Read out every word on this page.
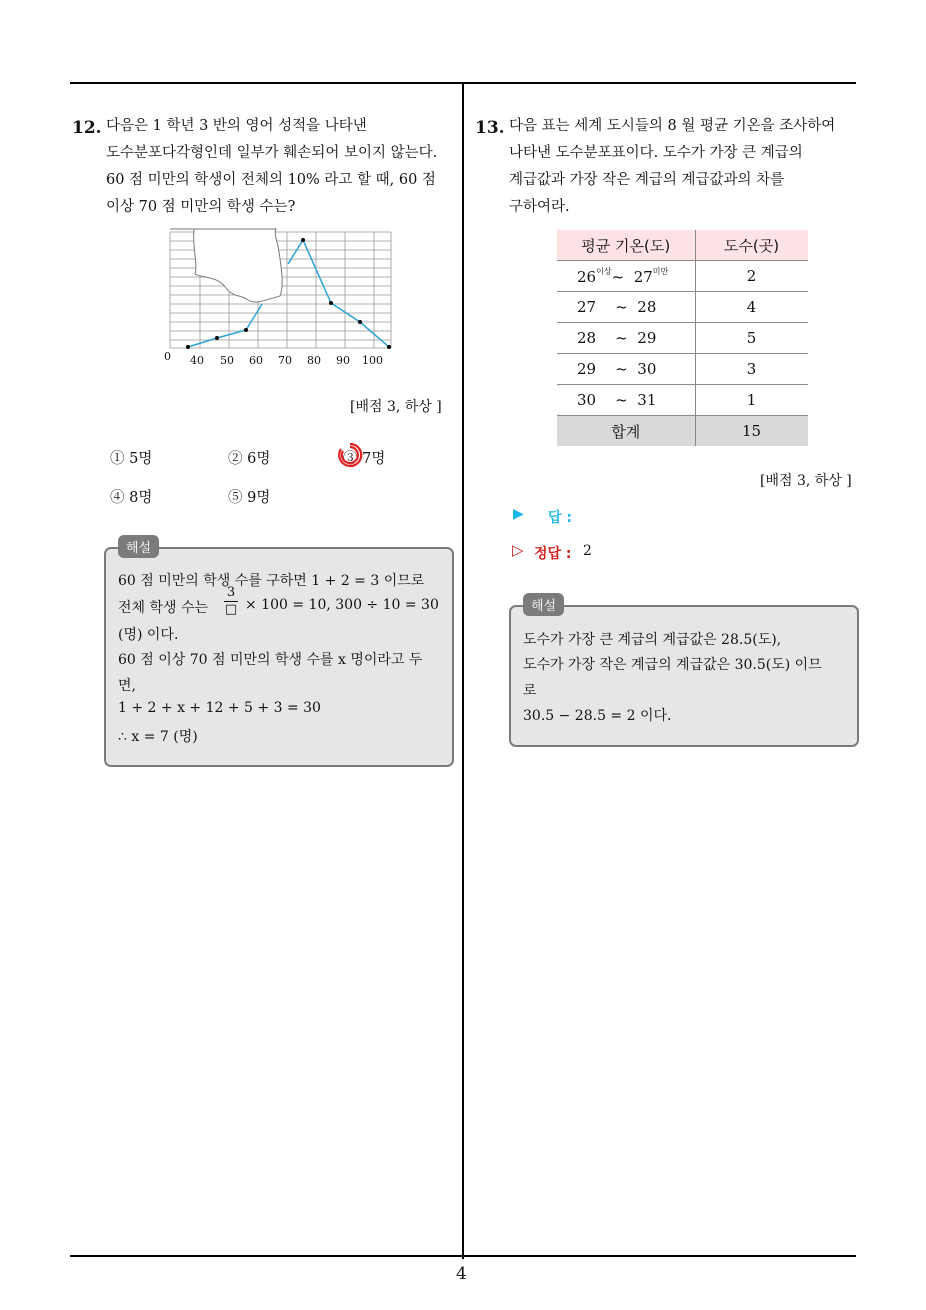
12. 다음은 1 학년 3 반의 영어 성적을 나타낸
도수분포다각형인데 일부가 훼손되어 보이지 않는다.
60 점 미만의 학생이 전체의 10% 라고 할 때, 60 점
이상 70 점 미만의 학생 수는?
0 40 50 60 70 80 90 100
[배점 3, 하상 ]
① 5명	② 6명	③ 7명
④ 8명	⑤ 9명
해설
60 점 미만의 학생 수를 구하면 1 + 2 = 3 이므로
전체 학생 수는
3
□ × 100 = 10, 300 ÷ 10 = 30
(명) 이다.
60 점 이상 70 점 미만의 학생 수를 x 명이라고 두
면,
1 + 2 + x + 12 + 5 + 3 = 30
∴ x = 7 (명)
13. 다음 표는 세계 도시들의 8 월 평균 기온을 조사하여
나타낸 도수분포표이다. 도수가 가장 큰 계급의
계급값과 가장 작은 계급의 계급값과의 차를
구하여라.
평균 기온(도)	도수(곳)
$26^{이상}\sim$ $27^{미만}$	2
27 ~ 28	4
28 ~ 29	5
29 ~ 30	3
30 ~ 31	1
합계	15
[배점 3, 하상 ]
▶ 답 :
▷ 정답 : 2
해설
도수가 가장 큰 계급의 계급값은 28.5(도),
도수가 가장 작은 계급의 계급값은 30.5(도) 이므
로
30.5 − 28.5 = 2 이다.
4
